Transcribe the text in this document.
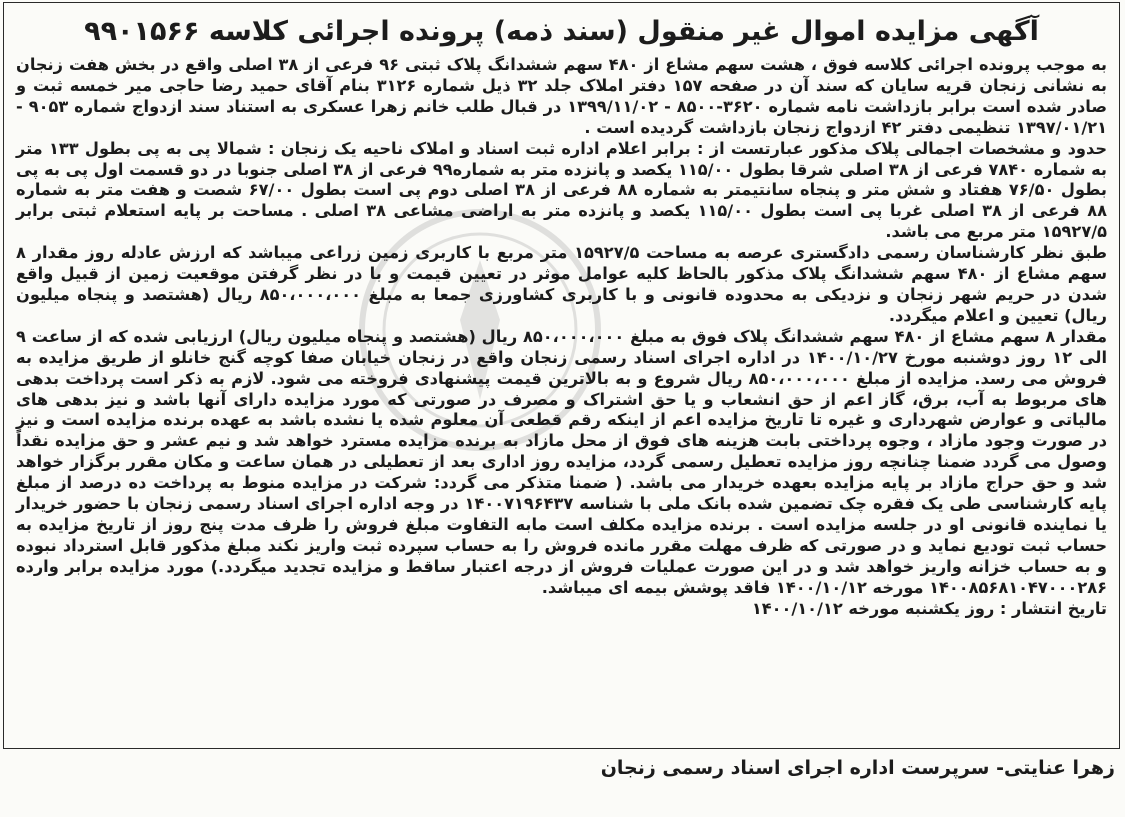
آگهی مزایده اموال غیر منقول (سند ذمه) پرونده اجرائی کلاسه ۹۹۰۱۵۶۶

به موجب پرونده اجرائی کلاسه فوق ، هشت سهم مشاع از ۴۸۰ سهم ششدانگ پلاک ثبتی ۹۶ فرعی از ۳۸ اصلی واقع در بخش هفت زنجان به نشانی زنجان قریه سایان که سند آن در صفحه ۱۵۷ دفتر املاک جلد ۳۲ ذیل شماره ۳۱۲۶ بنام آقای حمید رضا حاجی میر خمسه ثبت و صادر شده است برابر بازداشت نامه شماره ۳۶۲۰-۸۵۰۰ - ۱۳۹۹/۱۱/۰۲ در قبال طلب خانم زهرا عسکری به استناد سند ازدواج شماره ۹۰۵۳ - ۱۳۹۷/۰۱/۲۱ تنظیمی دفتر ۴۲ ازدواج زنجان بازداشت گردیده است .

حدود و مشخصات اجمالی پلاک مذکور عبارتست از : برابر اعلام اداره ثبت اسناد و املاک ناحیه یک زنجان : شمالا پی به پی بطول ۱۳۳ متر به شماره ۷۸۴۰ فرعی از ۳۸ اصلی شرقا بطول ۱۱۵/۰۰ یکصد و پانزده متر به شماره۹۹ فرعی از ۳۸ اصلی جنوبا در دو قسمت اول پی به پی بطول ۷۶/۵۰ هفتاد و شش متر و پنجاه سانتیمتر به شماره ۸۸ فرعی از ۳۸ اصلی دوم پی است بطول ۶۷/۰۰ شصت و هفت متر به شماره ۸۸ فرعی از ۳۸ اصلی غربا پی است بطول ۱۱۵/۰۰ یکصد و پانزده متر به اراضی مشاعی ۳۸ اصلی . مساحت بر پایه استعلام ثبتی برابر ۱۵۹۲۷/۵ متر مربع می باشد.

طبق نظر کارشناسان رسمی دادگستری عرصه به مساحت ۱۵۹۲۷/۵ متر مربع با کاربری زمین زراعی میباشد که ارزش عادله روز مقدار ۸ سهم مشاع از ۴۸۰ سهم ششدانگ پلاک مذکور بالحاظ کلیه عوامل موثر در تعیین قیمت و با در نظر گرفتن موقعیت زمین از قبیل واقع شدن در حریم شهر زنجان و نزدیکی به محدوده قانونی و با کاربری کشاورزی جمعا به مبلغ ۸۵۰،۰۰۰،۰۰۰ ریال (هشتصد و پنجاه میلیون ریال) تعیین و اعلام میگردد.

مقدار ۸ سهم مشاع از ۴۸۰ سهم ششدانگ پلاک فوق به مبلغ ۸۵۰،۰۰۰،۰۰۰ ریال (هشتصد و پنجاه میلیون ریال) ارزیابی شده که از ساعت ۹ الی ۱۲ روز دوشنبه مورخ ۱۴۰۰/۱۰/۲۷ در اداره اجرای اسناد رسمی زنجان واقع در زنجان خیابان صفا کوچه گنج خانلو از طریق مزایده به فروش می رسد. مزایده از مبلغ ۸۵۰،۰۰۰،۰۰۰ ریال شروع و به بالاترین قیمت پیشنهادی فروخته می شود. لازم به ذکر است پرداخت بدهی های مربوط به آب، برق، گاز اعم از حق انشعاب و یا حق اشتراک و مصرف در صورتی که مورد مزایده دارای آنها باشد و نیز بدهی های مالیاتی و عوارض شهرداری و غیره تا تاریخ مزایده اعم از اینکه رقم قطعی آن معلوم شده یا نشده باشد به عهده برنده مزایده است و نیز در صورت وجود مازاد ، وجوه پرداختی بابت هزینه های فوق از محل مازاد به برنده مزایده مسترد خواهد شد و نیم عشر و حق مزایده نقداً وصول می گردد ضمنا چنانچه روز مزایده تعطیل رسمی گردد، مزایده روز اداری بعد از تعطیلی در همان ساعت و مکان مقرر برگزار خواهد شد و حق حراج مازاد بر پایه مزایده بعهده خریدار می باشد. ( ضمنا متذکر می گردد: شرکت در مزایده منوط به پرداخت ده درصد از مبلغ پایه کارشناسی طی یک فقره چک تضمین شده بانک ملی با شناسه ۱۴۰۰۷۱۹۶۴۳۷ در وجه اداره اجرای اسناد رسمی زنجان با حضور خریدار یا نماینده قانونی او در جلسه مزایده است . برنده مزایده مکلف است مابه التفاوت مبلغ فروش را ظرف مدت پنج روز از تاریخ مزایده به حساب ثبت تودیع نماید و در صورتی که ظرف مهلت مقرر مانده فروش را به حساب سپرده ثبت واریز نکند مبلغ مذکور قابل استرداد نبوده و به حساب خزانه واریز خواهد شد و در این صورت عملیات فروش از درجه اعتبار ساقط و مزایده تجدید میگردد.) مورد مزایده برابر وارده ۱۴۰۰۸۵۶۸۱۰۴۷۰۰۰۲۸۶ مورخه ۱۴۰۰/۱۰/۱۲ فاقد پوشش بیمه ای میباشد.

تاریخ انتشار : روز یکشنبه مورخه ۱۴۰۰/۱۰/۱۲

زهرا عنایتی- سرپرست اداره اجرای اسناد رسمی زنجان
